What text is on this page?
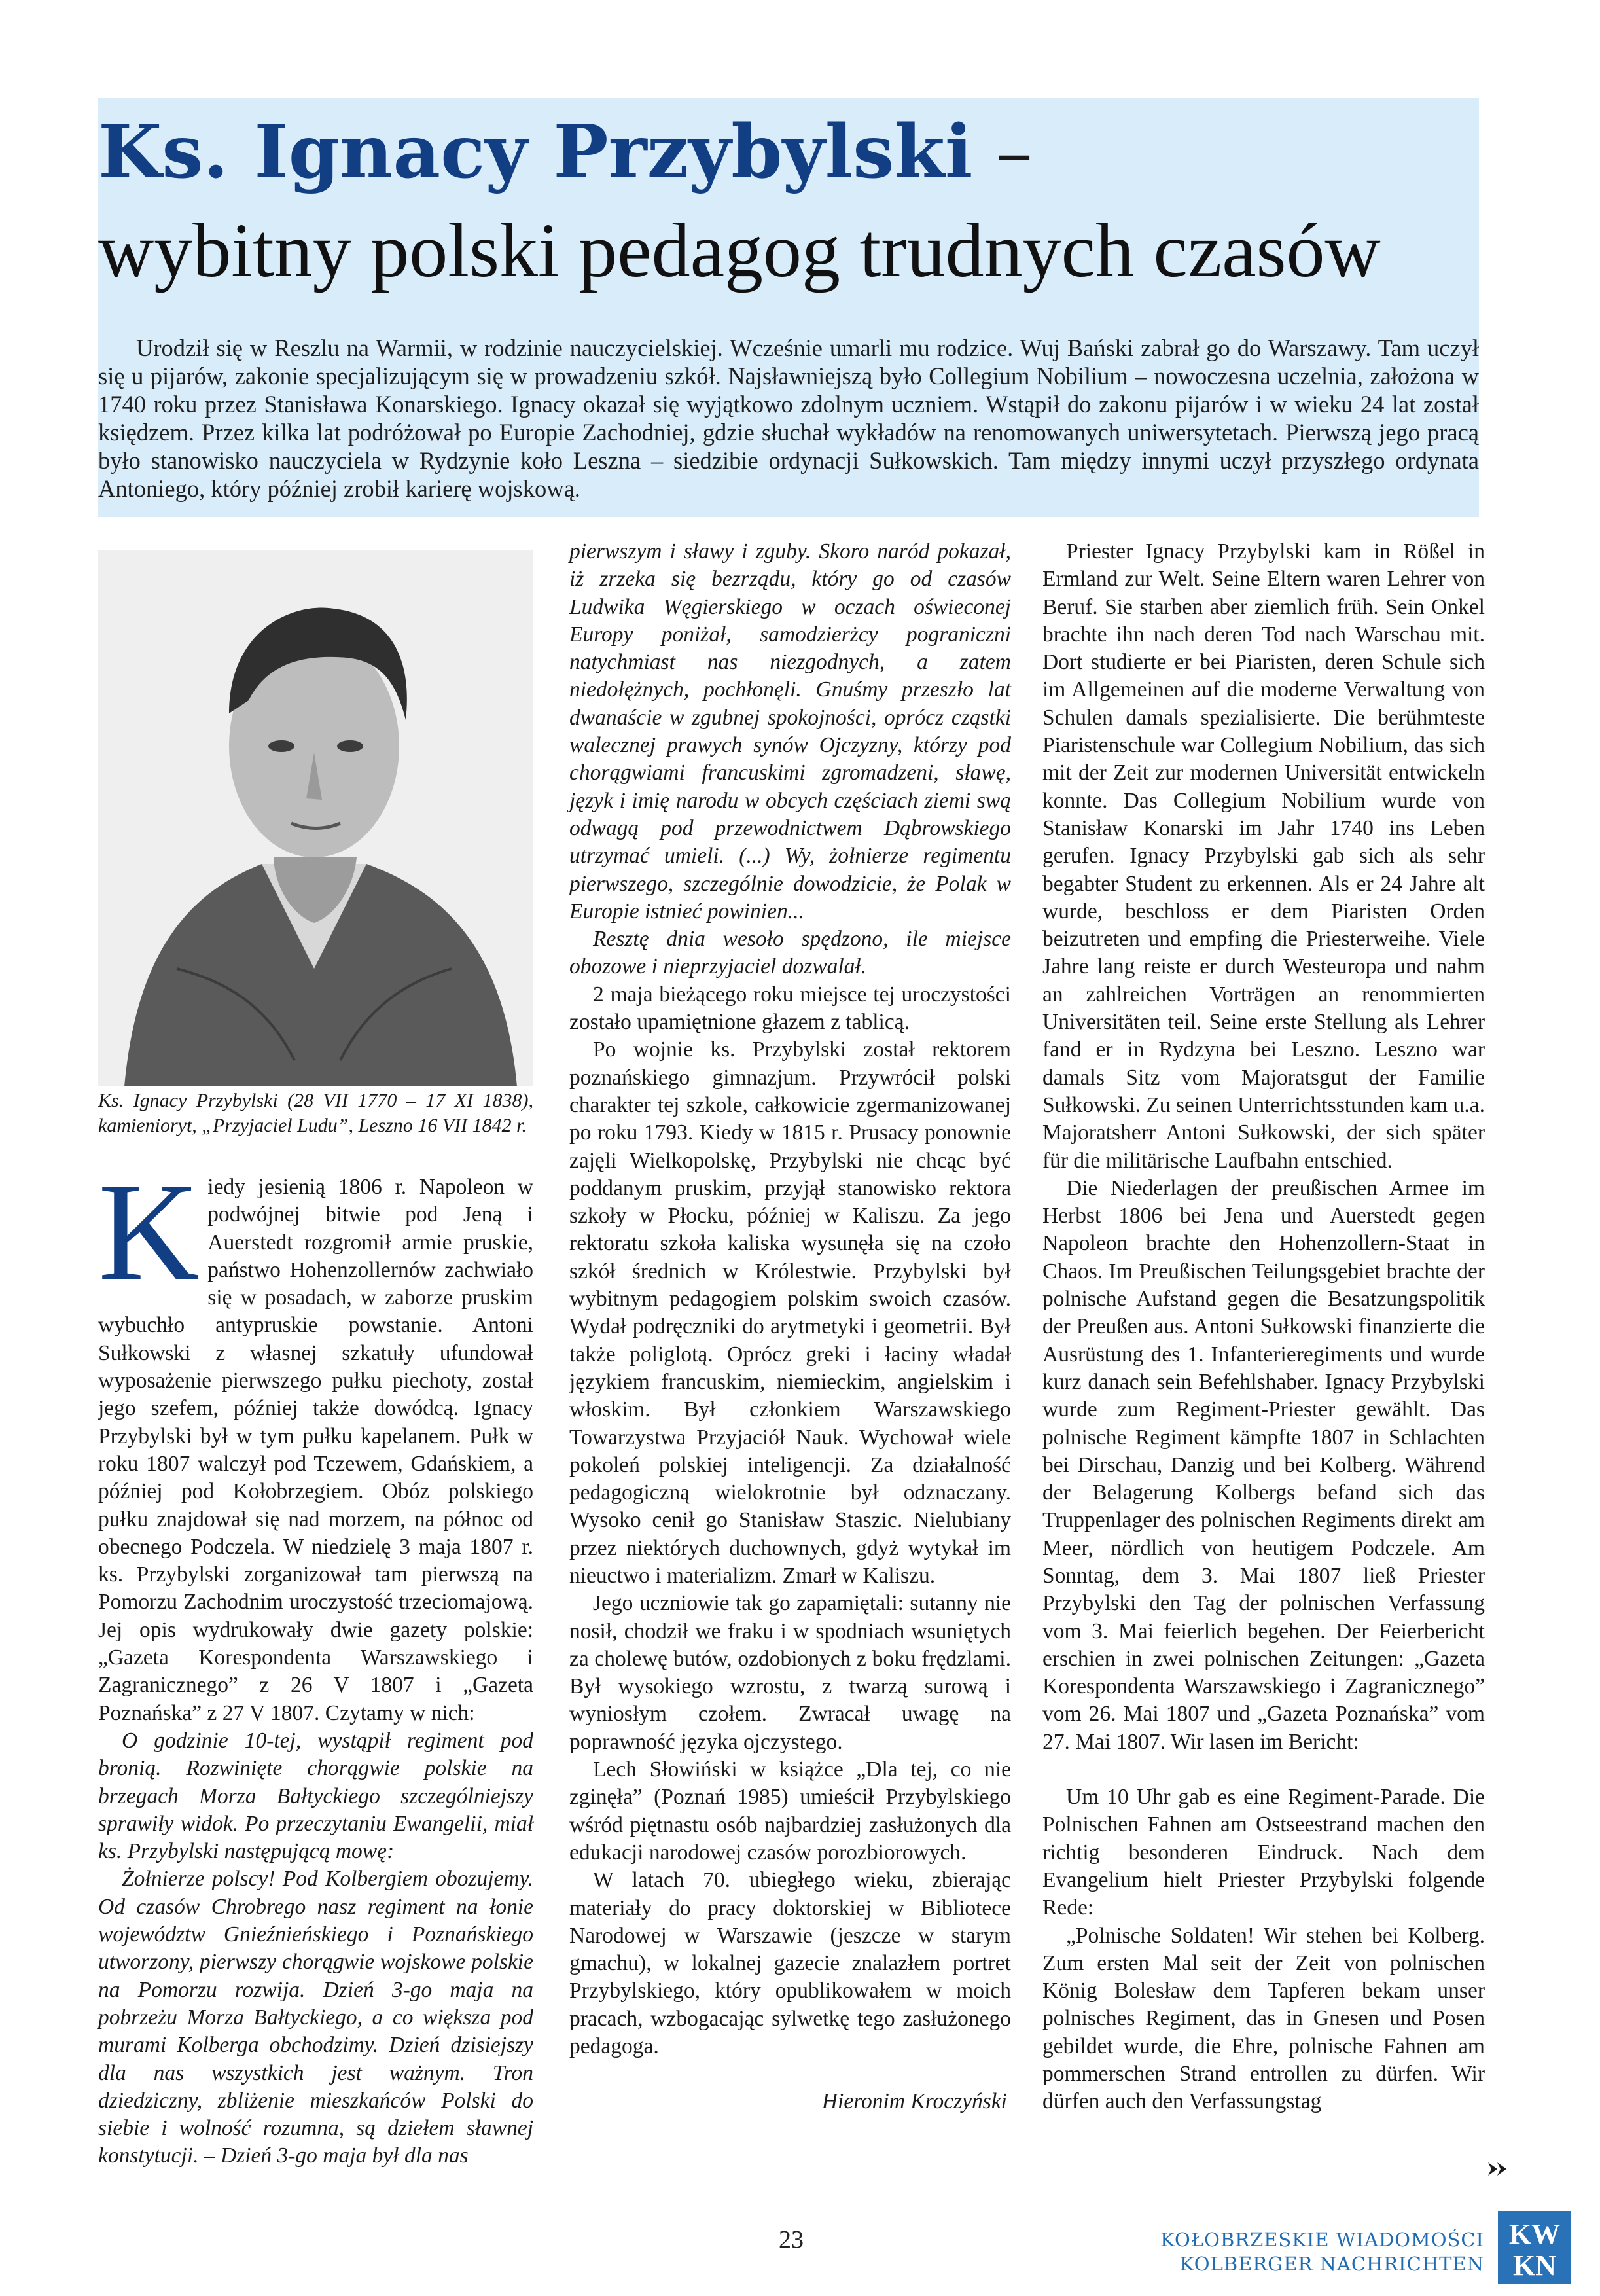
Ks. Ignacy Przybylski –
wybitny polski pedagog trudnych czasów

Urodził się w Reszlu na Warmii, w rodzinie nauczycielskiej. Wcześnie umarli mu rodzice. Wuj Bański zabrał go do Warszawy. Tam uczył się u pijarów, zakonie specjalizującym się w prowadzeniu szkół. Najsławniejszą było Collegium Nobilium – nowoczesna uczelnia, założona w 1740 roku przez Stanisława Konarskiego. Ignacy okazał się wyjątkowo zdolnym uczniem. Wstąpił do zakonu pijarów i w wieku 24 lat został księdzem. Przez kilka lat podróżował po Europie Zachodniej, gdzie słuchał wykładów na renomowanych uniwersytetach. Pierwszą jego pracą było stanowisko nauczyciela w Rydzynie koło Leszna – siedzibie ordynacji Sułkowskich. Tam między innymi uczył przyszłego ordynata Antoniego, który później zrobił karierę wojskową.

Ks. Ignacy Przybylski (28 VII 1770 – 17 XI 1838), kamienioryt, „Przyjaciel Ludu”, Leszno 16 VII 1842 r.

Kiedy jesienią 1806 r. Napoleon w podwójnej bitwie pod Jeną i Auerstedt rozgromił armie pruskie, państwo Hohenzollernów zachwiało się w posadach, w zaborze pruskim wybuchło antypruskie powstanie. Antoni Sułkowski z własnej szkatuły ufundował wyposażenie pierwszego pułku piechoty, został jego szefem, później także dowódcą. Ignacy Przybylski był w tym pułku kapelanem. Pułk w roku 1807 walczył pod Tczewem, Gdańskiem, a później pod Kołobrzegiem. Obóz polskiego pułku znajdował się nad morzem, na północ od obecnego Podczela. W niedzielę 3 maja 1807 r. ks. Przybylski zorganizował tam pierwszą na Pomorzu Zachodnim uroczystość trzeciomajową. Jej opis wydrukowały dwie gazety polskie: „Gazeta Korespondenta Warszawskiego i Zagranicznego” z 26 V 1807 i „Gazeta Poznańska” z 27 V 1807. Czytamy w nich:

O godzinie 10-tej, wystąpił regiment pod bronią. Rozwinięte chorągwie polskie na brzegach Morza Bałtyckiego szczególniejszy sprawiły widok. Po przeczytaniu Ewangelii, miał ks. Przybylski następującą mowę:

Żołnierze polscy! Pod Kolbergiem obozujemy. Od czasów Chrobrego nasz regiment na łonie województw Gnieźnieńskiego i Poznańskiego utworzony, pierwszy chorągwie wojskowe polskie na Pomorzu rozwija. Dzień 3-go maja na pobrzeżu Morza Bałtyckiego, a co większa pod murami Kolberga obchodzimy. Dzień dzisiejszy dla nas wszystkich jest ważnym. Tron dziedziczny, zbliżenie mieszkańców Polski do siebie i wolność rozumna, są dziełem sławnej konstytucji. – Dzień 3-go maja był dla nas

pierwszym i sławy i zguby. Skoro naród pokazał, iż zrzeka się bezrządu, który go od czasów Ludwika Węgierskiego w oczach oświeconej Europy poniżał, samodzierżcy pograniczni natychmiast nas niezgodnych, a zatem niedołężnych, pochłonęli. Gnuśmy przeszło lat dwanaście w zgubnej spokojności, oprócz cząstki walecznej prawych synów Ojczyzny, którzy pod chorągwiami francuskimi zgromadzeni, sławę, język i imię narodu w obcych częściach ziemi swą odwagą pod przewodnictwem Dąbrowskiego utrzymać umieli. (...) Wy, żołnierze regimentu pierwszego, szczególnie dowodzicie, że Polak w Europie istnieć powinien...

Resztę dnia wesoło spędzono, ile miejsce obozowe i nieprzyjaciel dozwalał.

2 maja bieżącego roku miejsce tej uroczystości zostało upamiętnione głazem z tablicą.

Po wojnie ks. Przybylski został rektorem poznańskiego gimnazjum. Przywrócił polski charakter tej szkole, całkowicie zgermanizowanej po roku 1793. Kiedy w 1815 r. Prusacy ponownie zajęli Wielkopolskę, Przybylski nie chcąc być poddanym pruskim, przyjął stanowisko rektora szkoły w Płocku, później w Kaliszu. Za jego rektoratu szkoła kaliska wysunęła się na czoło szkół średnich w Królestwie. Przybylski był wybitnym pedagogiem polskim swoich czasów. Wydał podręczniki do arytmetyki i geometrii. Był także poliglotą. Oprócz greki i łaciny władał językiem francuskim, niemieckim, angielskim i włoskim. Był członkiem Warszawskiego Towarzystwa Przyjaciół Nauk. Wychował wiele pokoleń polskiej inteligencji. Za działalność pedagogiczną wielokrotnie był odznaczany. Wysoko cenił go Stanisław Staszic. Nielubiany przez niektórych duchownych, gdyż wytykał im nieuctwo i materializm. Zmarł w Kaliszu.

Jego uczniowie tak go zapamiętali: sutanny nie nosił, chodził we fraku i w spodniach wsuniętych za cholewę butów, ozdobionych z boku frędzlami. Był wysokiego wzrostu, z twarzą surową i wyniosłym czołem. Zwracał uwagę na poprawność języka ojczystego.

Lech Słowiński w książce „Dla tej, co nie zginęła” (Poznań 1985) umieścił Przybylskiego wśród piętnastu osób najbardziej zasłużonych dla edukacji narodowej czasów porozbiorowych.

W latach 70. ubiegłego wieku, zbierając materiały do pracy doktorskiej w Bibliotece Narodowej w Warszawie (jeszcze w starym gmachu), w lokalnej gazecie znalazłem portret Przybylskiego, który opublikowałem w moich pracach, wzbogacając sylwetkę tego zasłużonego pedagoga.

Hieronim Kroczyński

Priester Ignacy Przybylski kam in Rößel in Ermland zur Welt. Seine Eltern waren Lehrer von Beruf. Sie starben aber ziemlich früh. Sein Onkel brachte ihn nach deren Tod nach Warschau mit. Dort studierte er bei Piaristen, deren Schule sich im Allgemeinen auf die moderne Verwaltung von Schulen damals spezialisierte. Die berühmteste Piaristenschule war Collegium Nobilium, das sich mit der Zeit zur modernen Universität entwickeln konnte. Das Collegium Nobilium wurde von Stanisław Konarski im Jahr 1740 ins Leben gerufen. Ignacy Przybylski gab sich als sehr begabter Student zu erkennen. Als er 24 Jahre alt wurde, beschloss er dem Piaristen Orden beizutreten und empfing die Priesterweihe. Viele Jahre lang reiste er durch Westeuropa und nahm an zahlreichen Vorträgen an renommierten Universitäten teil. Seine erste Stellung als Lehrer fand er in Rydzyna bei Leszno. Leszno war damals Sitz vom Majoratsgut der Familie Sułkowski. Zu seinen Unterrichtsstunden kam u.a. Majoratsherr Antoni Sułkowski, der sich später für die militärische Laufbahn entschied.

Die Niederlagen der preußischen Armee im Herbst 1806 bei Jena und Auerstedt gegen Napoleon brachte den Hohenzollern-Staat in Chaos. Im Preußischen Teilungsgebiet brachte der polnische Aufstand gegen die Besatzungspolitik der Preußen aus. Antoni Sułkowski finanzierte die Ausrüstung des 1. Infanterieregiments und wurde kurz danach sein Befehlshaber. Ignacy Przybylski wurde zum Regiment-Priester gewählt. Das polnische Regiment kämpfte 1807 in Schlachten bei Dirschau, Danzig und bei Kolberg. Während der Belagerung Kolbergs befand sich das Truppenlager des polnischen Regiments direkt am Meer, nördlich von heutigem Podczele. Am Sonntag, dem 3. Mai 1807 ließ Priester Przybylski den Tag der polnischen Verfassung vom 3. Mai feierlich begehen. Der Feierbericht erschien in zwei polnischen Zeitungen: „Gazeta Korespondenta Warszawskiego i Zagranicznego” vom 26. Mai 1807 und „Gazeta Poznańska” vom 27. Mai 1807. Wir lasen im Bericht:

Um 10 Uhr gab es eine Regiment-Parade. Die Polnischen Fahnen am Ostseestrand machen den richtig besonderen Eindruck. Nach dem Evangelium hielt Priester Przybylski folgende Rede:

„Polnische Soldaten! Wir stehen bei Kolberg. Zum ersten Mal seit der Zeit von polnischen König Bolesław dem Tapferen bekam unser polnisches Regiment, das in Gnesen und Posen gebildet wurde, die Ehre, polnische Fahnen am pommerschen Strand entrollen zu dürfen. Wir dürfen auch den Verfassungstag

23	KOŁOBRZESKIE WIADOMOŚCI
KOLBERGER NACHRICHTEN
KW
KN
